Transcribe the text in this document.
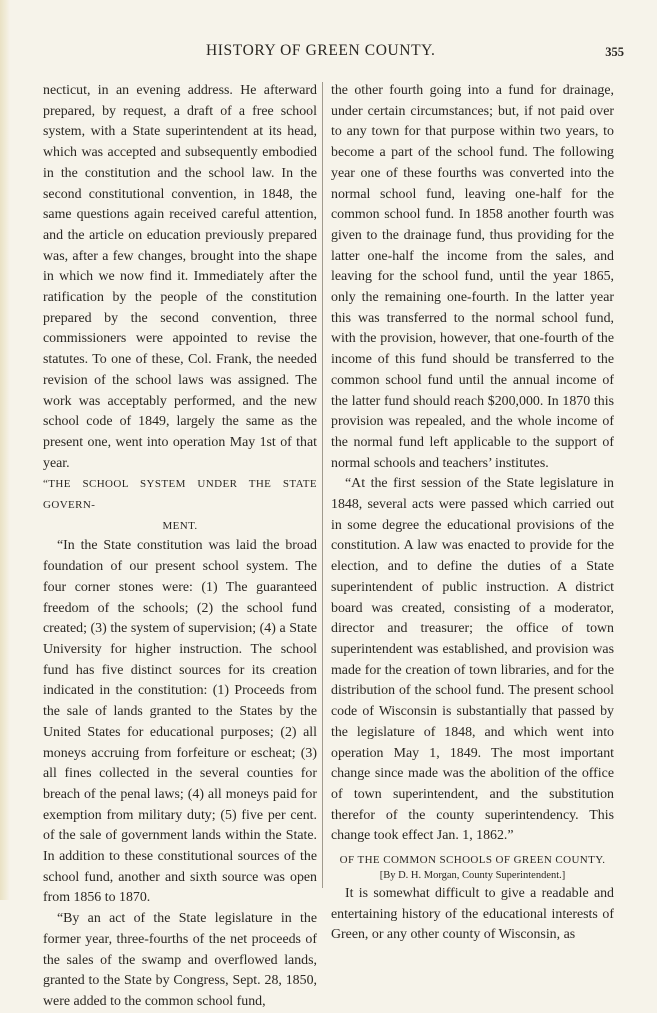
HISTORY OF GREEN COUNTY.	355

necticut, in an evening address. He afterward prepared, by request, a draft of a free school system, with a State superintendent at its head, which was accepted and subsequently embodied in the constitution and the school law. In the second constitutional convention, in 1848, the same questions again received careful attention, and the article on education previously prepared was, after a few changes, brought into the shape in which we now find it. Immediately after the ratification by the people of the constitution prepared by the second convention, three commissioners were appointed to revise the statutes. To one of these, Col. Frank, the needed revision of the school laws was assigned. The work was acceptably performed, and the new school code of 1849, largely the same as the present one, went into operation May 1st of that year.

“THE SCHOOL SYSTEM UNDER THE STATE GOVERN-
MENT.

“In the State constitution was laid the broad foundation of our present school system. The four corner stones were: (1) The guaranteed freedom of the schools; (2) the school fund created; (3) the system of supervision; (4) a State University for higher instruction. The school fund has five distinct sources for its creation indicated in the constitution: (1) Proceeds from the sale of lands granted to the States by the United States for educational purposes; (2) all moneys accruing from forfeiture or escheat; (3) all fines collected in the several counties for breach of the penal laws; (4) all moneys paid for exemption from military duty; (5) five per cent. of the sale of government lands within the State. In addition to these constitutional sources of the school fund, another and sixth source was open from 1856 to 1870.

“By an act of the State legislature in the former year, three-fourths of the net proceeds of the sales of the swamp and overflowed lands, granted to the State by Congress, Sept. 28, 1850, were added to the common school fund,

the other fourth going into a fund for drainage, under certain circumstances; but, if not paid over to any town for that purpose within two years, to become a part of the school fund. The following year one of these fourths was converted into the normal school fund, leaving one-half for the common school fund. In 1858 another fourth was given to the drainage fund, thus providing for the latter one-half the income from the sales, and leaving for the school fund, until the year 1865, only the remaining one-fourth. In the latter year this was transferred to the normal school fund, with the provision, however, that one-fourth of the income of this fund should be transferred to the common school fund until the annual income of the latter fund should reach $200,000. In 1870 this provision was repealed, and the whole income of the normal fund left applicable to the support of normal schools and teachers’ institutes.

“At the first session of the State legislature in 1848, several acts were passed which carried out in some degree the educational provisions of the constitution. A law was enacted to provide for the election, and to define the duties of a State superintendent of public instruction. A district board was created, consisting of a moderator, director and treasurer; the office of town superintendent was established, and provision was made for the creation of town libraries, and for the distribution of the school fund. The present school code of Wisconsin is substantially that passed by the legislature of 1848, and which went into operation May 1, 1849. The most important change since made was the abolition of the office of town superintendent, and the substitution therefor of the county superintendency. This change took effect Jan. 1, 1862.”

OF THE COMMON SCHOOLS OF GREEN COUNTY.
[By D. H. Morgan, County Superintendent.]

It is somewhat difficult to give a readable and entertaining history of the educational interests of Green, or any other county of Wisconsin, as
